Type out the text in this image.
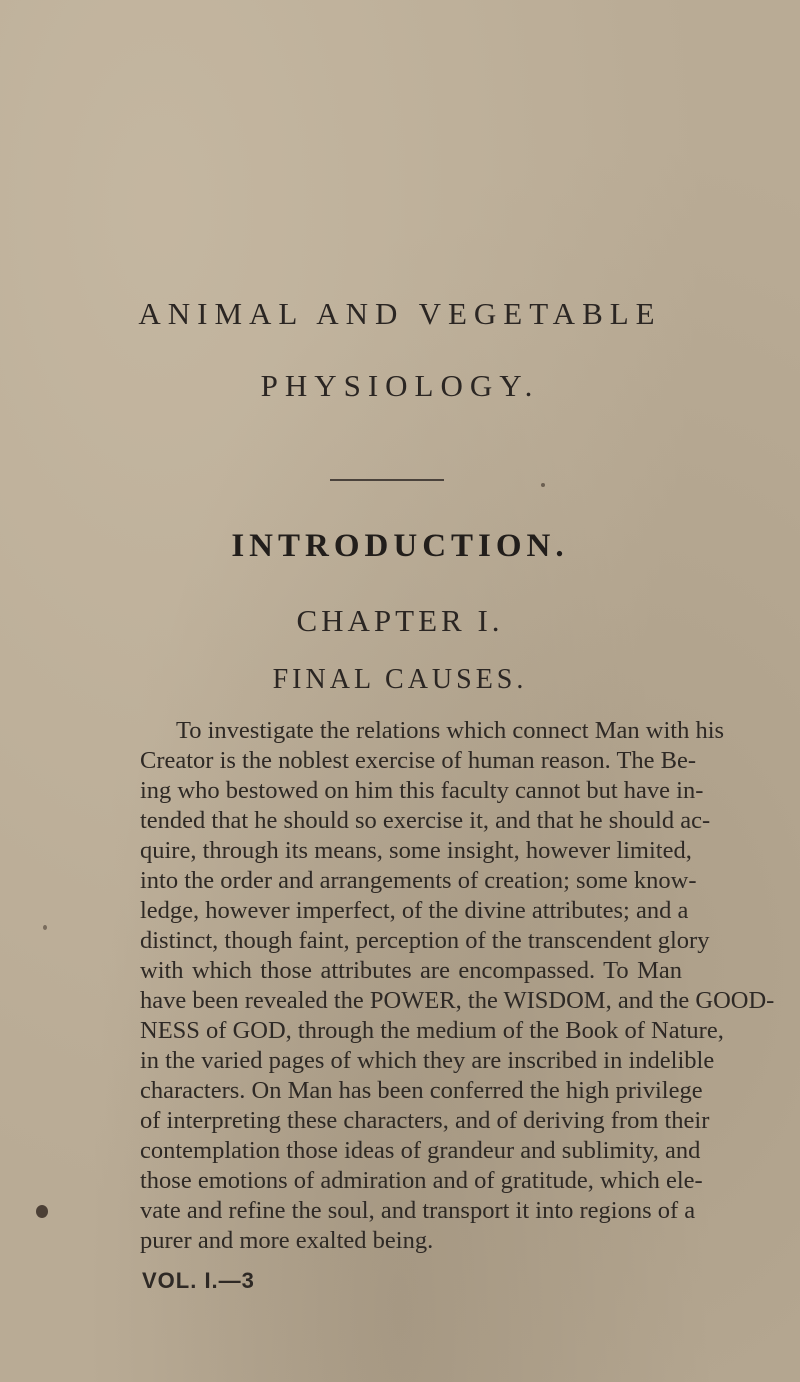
ANIMAL AND VEGETABLE
PHYSIOLOGY.
INTRODUCTION.
CHAPTER I.
FINAL CAUSES.
To investigate the relations which connect Man with his
Creator is the noblest exercise of human reason. The Be-
ing who bestowed on him this faculty cannot but have in-
tended that he should so exercise it, and that he should ac-
quire, through its means, some insight, however limited,
into the order and arrangements of creation; some know-
ledge, however imperfect, of the divine attributes; and a
distinct, though faint, perception of the transcendent glory
with which those attributes are encompassed. To Man
have been revealed the POWER, the WISDOM, and the GOOD-
NESS of GOD, through the medium of the Book of Nature,
in the varied pages of which they are inscribed in indelible
characters. On Man has been conferred the high privilege
of interpreting these characters, and of deriving from their
contemplation those ideas of grandeur and sublimity, and
those emotions of admiration and of gratitude, which ele-
vate and refine the soul, and transport it into regions of a
purer and more exalted being.
VOL. I.—3
